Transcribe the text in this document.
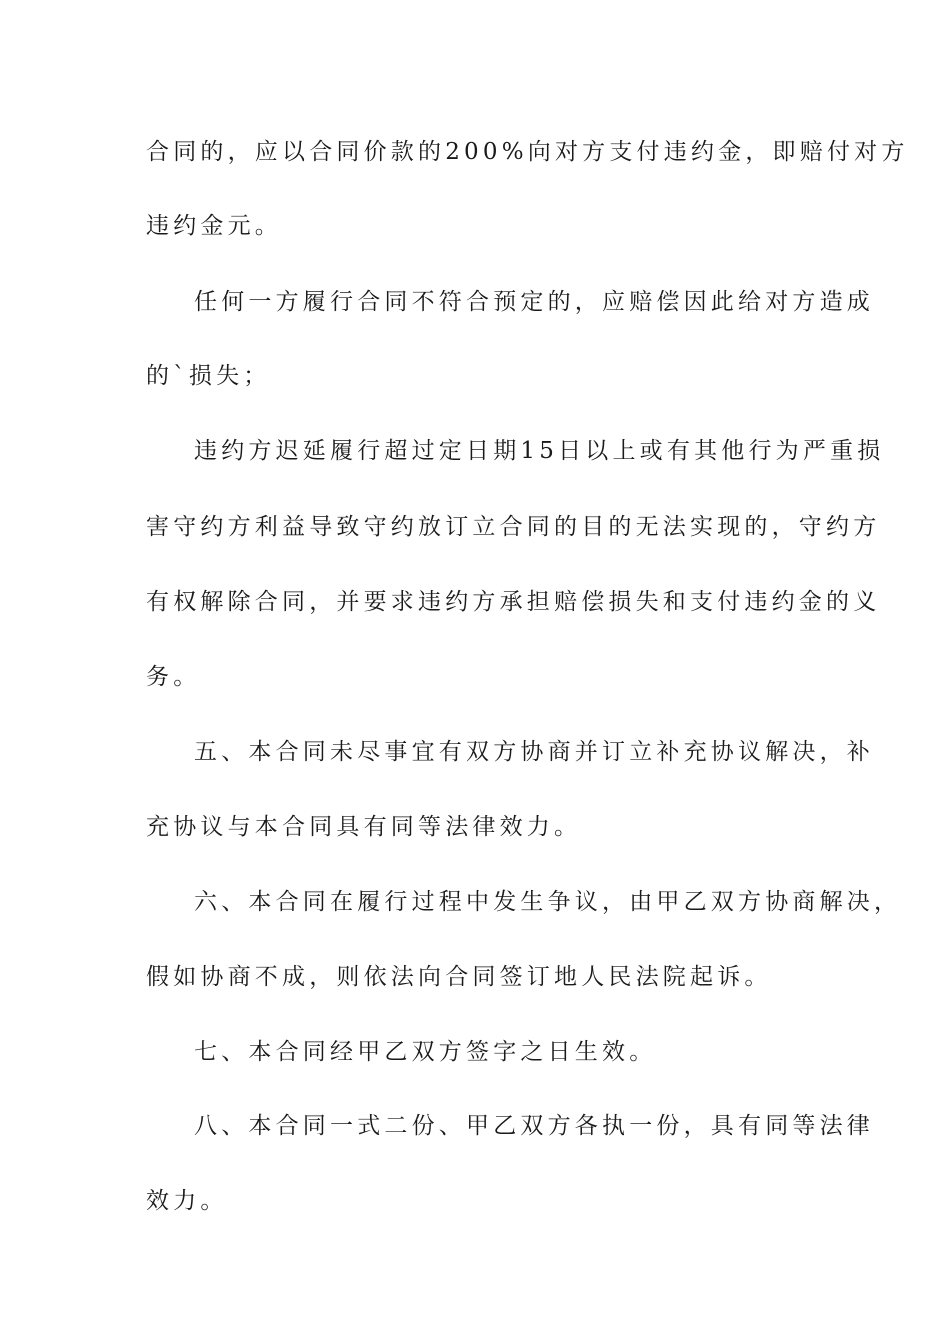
合同的，应以合同价款的200%向对方支付违约金，即赔付对方
违约金元。
任何一方履行合同不符合预定的，应赔偿因此给对方造成
的`损失；
违约方迟延履行超过定日期15日以上或有其他行为严重损
害守约方利益导致守约放订立合同的目的无法实现的，守约方
有权解除合同，并要求违约方承担赔偿损失和支付违约金的义
务。
五、本合同未尽事宜有双方协商并订立补充协议解决，补
充协议与本合同具有同等法律效力。
六、本合同在履行过程中发生争议，由甲乙双方协商解决，
假如协商不成，则依法向合同签订地人民法院起诉。
七、本合同经甲乙双方签字之日生效。
八、本合同一式二份、甲乙双方各执一份，具有同等法律
效力。
